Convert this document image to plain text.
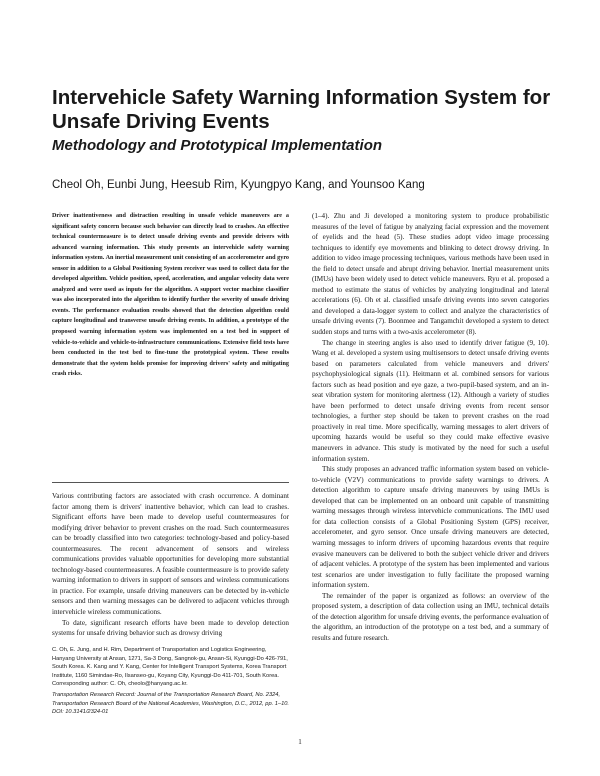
Intervehicle Safety Warning Information System for Unsafe Driving Events
Methodology and Prototypical Implementation

Cheol Oh, Eunbi Jung, Heesub Rim, Kyungpyo Kang, and Younsoo Kang

Driver inattentiveness and distraction resulting in unsafe vehicle maneuvers are a significant safety concern because such behavior can directly lead to crashes. An effective technical countermeasure is to detect unsafe driving events and provide drivers with advanced warning information. This study presents an intervehicle safety warning information system. An inertial measurement unit consisting of an accelerometer and gyro sensor in addition to a Global Positioning System receiver was used to collect data for the developed algorithm. Vehicle position, speed, acceleration, and angular velocity data were analyzed and were used as inputs for the algorithm. A support vector machine classifier was also incorporated into the algorithm to identify further the severity of unsafe driving events. The performance evaluation results showed that the detection algorithm could capture longitudinal and transverse unsafe driving events. In addition, a prototype of the proposed warning information system was implemented on a test bed in support of vehicle-to-vehicle and vehicle-to-infrastructure communications. Extensive field tests have been conducted in the test bed to fine-tune the prototypical system. These results demonstrate that the system holds promise for improving drivers' safety and mitigating crash risks.

Various contributing factors are associated with crash occurrence. A dominant factor among them is drivers' inattentive behavior, which can lead to crashes. Significant efforts have been made to develop useful countermeasures for modifying driver behavior to prevent crashes on the road. Such countermeasures can be broadly classified into two categories: technology-based and policy-based countermeasures. The recent advancement of sensors and wireless communications provides valuable opportunities for developing more substantial technology-based countermeasures. A feasible countermeasure is to provide safety warning information to drivers in support of sensors and wireless communications in practice. For example, unsafe driving maneuvers can be detected by in-vehicle sensors and then warning messages can be delivered to adjacent vehicles through intervehicle wireless communications.

To date, significant research efforts have been made to develop detection systems for unsafe driving behavior such as drowsy driving

C. Oh, E. Jung, and H. Rim, Department of Transportation and Logistics Engineering, Hanyang University at Ansan, 1271, Sa-3 Dong, Sangnok-gu, Ansan-Si, Kyunggi-Do 426-791, South Korea. K. Kang and Y. Kang, Center for Intelligent Transport Systems, Korea Transport Institute, 1160 Simindae-Ro, Ilsanseo-gu, Koyang City, Kyunggi-Do 411-701, South Korea. Corresponding author: C. Oh, cheolo@hanyang.ac.kr.

Transportation Research Record: Journal of the Transportation Research Board, No. 2324, Transportation Research Board of the National Academies, Washington, D.C., 2012, pp. 1–10. DOI: 10.3141/2324-01

(1–4). Zhu and Ji developed a monitoring system to produce probabilistic measures of the level of fatigue by analyzing facial expression and the movement of eyelids and the head (5). These studies adopt video image processing techniques to identify eye movements and blinking to detect drowsy driving. In addition to video image processing techniques, various methods have been used in the field to detect unsafe and abrupt driving behavior. Inertial measurement units (IMUs) have been widely used to detect vehicle maneuvers. Ryu et al. proposed a method to estimate the status of vehicles by analyzing longitudinal and lateral accelerations (6). Oh et al. classified unsafe driving events into seven categories and developed a data-logger system to collect and analyze the characteristics of unsafe driving events (7). Boonmee and Tangamchit developed a system to detect sudden stops and turns with a two-axis accelerometer (8).

The change in steering angles is also used to identify driver fatigue (9, 10). Wang et al. developed a system using multisensors to detect unsafe driving events based on parameters calculated from vehicle maneuvers and drivers' psychophysiological signals (11). Heitmann et al. combined sensors for various factors such as head position and eye gaze, a two-pupil-based system, and an in-seat vibration system for monitoring alertness (12). Although a variety of studies have been performed to detect unsafe driving events from recent sensor technologies, a further step should be taken to prevent crashes on the road proactively in real time. More specifically, warning messages to alert drivers of upcoming hazards would be useful so they could make effective evasive maneuvers in advance. This study is motivated by the need for such a useful information system.

This study proposes an advanced traffic information system based on vehicle-to-vehicle (V2V) communications to provide safety warnings to drivers. A detection algorithm to capture unsafe driving maneuvers by using IMUs is developed that can be implemented on an onboard unit capable of transmitting warning messages through wireless intervehicle communications. The IMU used for data collection consists of a Global Positioning System (GPS) receiver, accelerometer, and gyro sensor. Once unsafe driving maneuvers are detected, warning messages to inform drivers of upcoming hazardous events that require evasive maneuvers can be delivered to both the subject vehicle driver and drivers of adjacent vehicles. A prototype of the system has been implemented and various test scenarios are under investigation to fully facilitate the proposed warning information system.

The remainder of the paper is organized as follows: an overview of the proposed system, a description of data collection using an IMU, technical details of the detection algorithm for unsafe driving events, the performance evaluation of the algorithm, an introduction of the prototype on a test bed, and a summary of results and future research.

1
